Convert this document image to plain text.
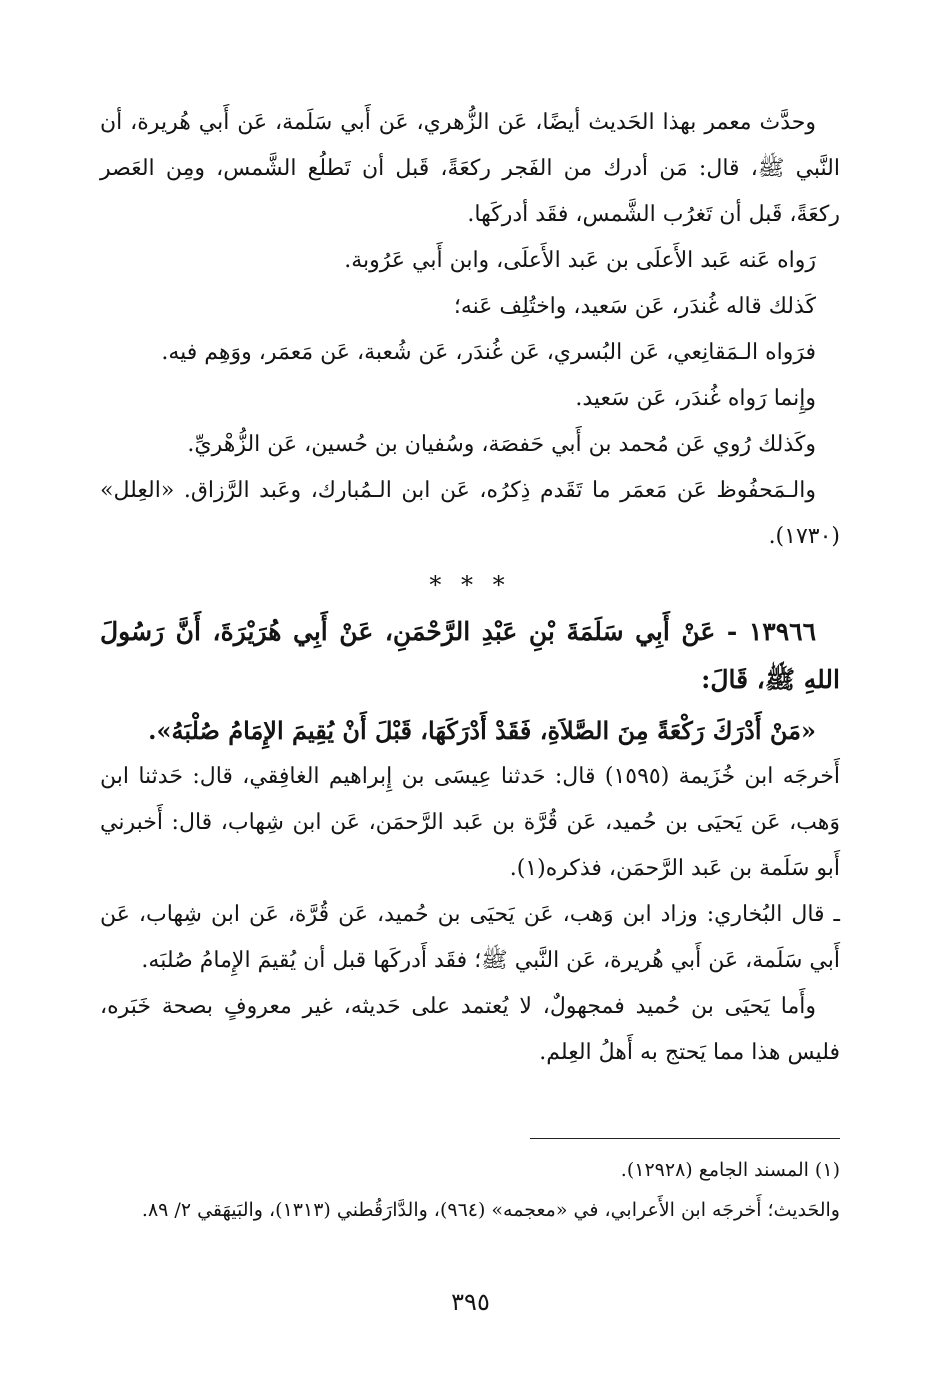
وحدَّث معمر بهذا الحَديث أيضًا، عَن الزُّهري، عَن أَبي سَلَمة، عَن أَبي هُريرة، أن النَّبي ﷺ، قال: مَن أدرك من الفَجر ركعَةً، قَبل أن تَطلُع الشَّمس، ومِن العَصر ركعَةً، قَبل أن تَغرُب الشَّمس، فقَد أدركَها.

رَواه عَنه عَبد الأَعلَى بن عَبد الأَعلَى، وابن أَبي عَرُوبة.

كَذلك قاله غُندَر، عَن سَعيد، واختُلِف عَنه؛

فرَواه الـمَقانِعي، عَن البُسري، عَن غُندَر، عَن شُعبة، عَن مَعمَر، ووَهِم فيه.

وإِنما رَواه غُندَر، عَن سَعيد.

وكَذلك رُوي عَن مُحمد بن أَبي حَفصَة، وسُفيان بن حُسين، عَن الزُّهْريِّ.

والـمَحفُوظ عَن مَعمَر ما تَقَدم ذِكرُه، عَن ابن الـمُبارك، وعَبد الرَّزاق. «العِلل» (١٧٣٠).

* * *

١٣٩٦٦ - عَنْ أَبِي سَلَمَةَ بْنِ عَبْدِ الرَّحْمَنِ، عَنْ أَبِي هُرَيْرَةَ، أَنَّ رَسُولَ اللهِ ﷺ، قَالَ:

«مَنْ أَدْرَكَ رَكْعَةً مِنَ الصَّلاَةِ، فَقَدْ أَدْرَكَهَا، قَبْلَ أَنْ يُقِيمَ الإِمَامُ صُلْبَهُ».

أَخرجَه ابن خُزَيمة (١٥٩٥) قال: حَدثنا عِيسَى بن إِبراهيم الغافِقي، قال: حَدثنا ابن وَهب، عَن يَحيَى بن حُميد، عَن قُرَّة بن عَبد الرَّحمَن، عَن ابن شِهاب، قال: أَخبرني أَبو سَلَمة بن عَبد الرَّحمَن، فذكره(١).

ـ قال البُخاري: وزاد ابن وَهب، عَن يَحيَى بن حُميد، عَن قُرَّة، عَن ابن شِهاب، عَن أَبي سَلَمة، عَن أَبي هُريرة، عَن النَّبي ﷺ؛ فقَد أَدركَها قبل أن يُقيمَ الإِمامُ صُلبَه.

وأَما يَحيَى بن حُميد فمجهولٌ، لا يُعتمد على حَديثه، غير معروفٍ بصحة خَبَره، فليس هذا مما يَحتج به أَهلُ العِلم.

(١) المسند الجامع (١٢٩٢٨).

والحَديث؛ أَخرجَه ابن الأَعرابي، في «معجمه» (٩٦٤)، والدَّارَقُطني (١٣١٣)، والبَيهَقي ٢/ ٨٩.

٣٩٥
